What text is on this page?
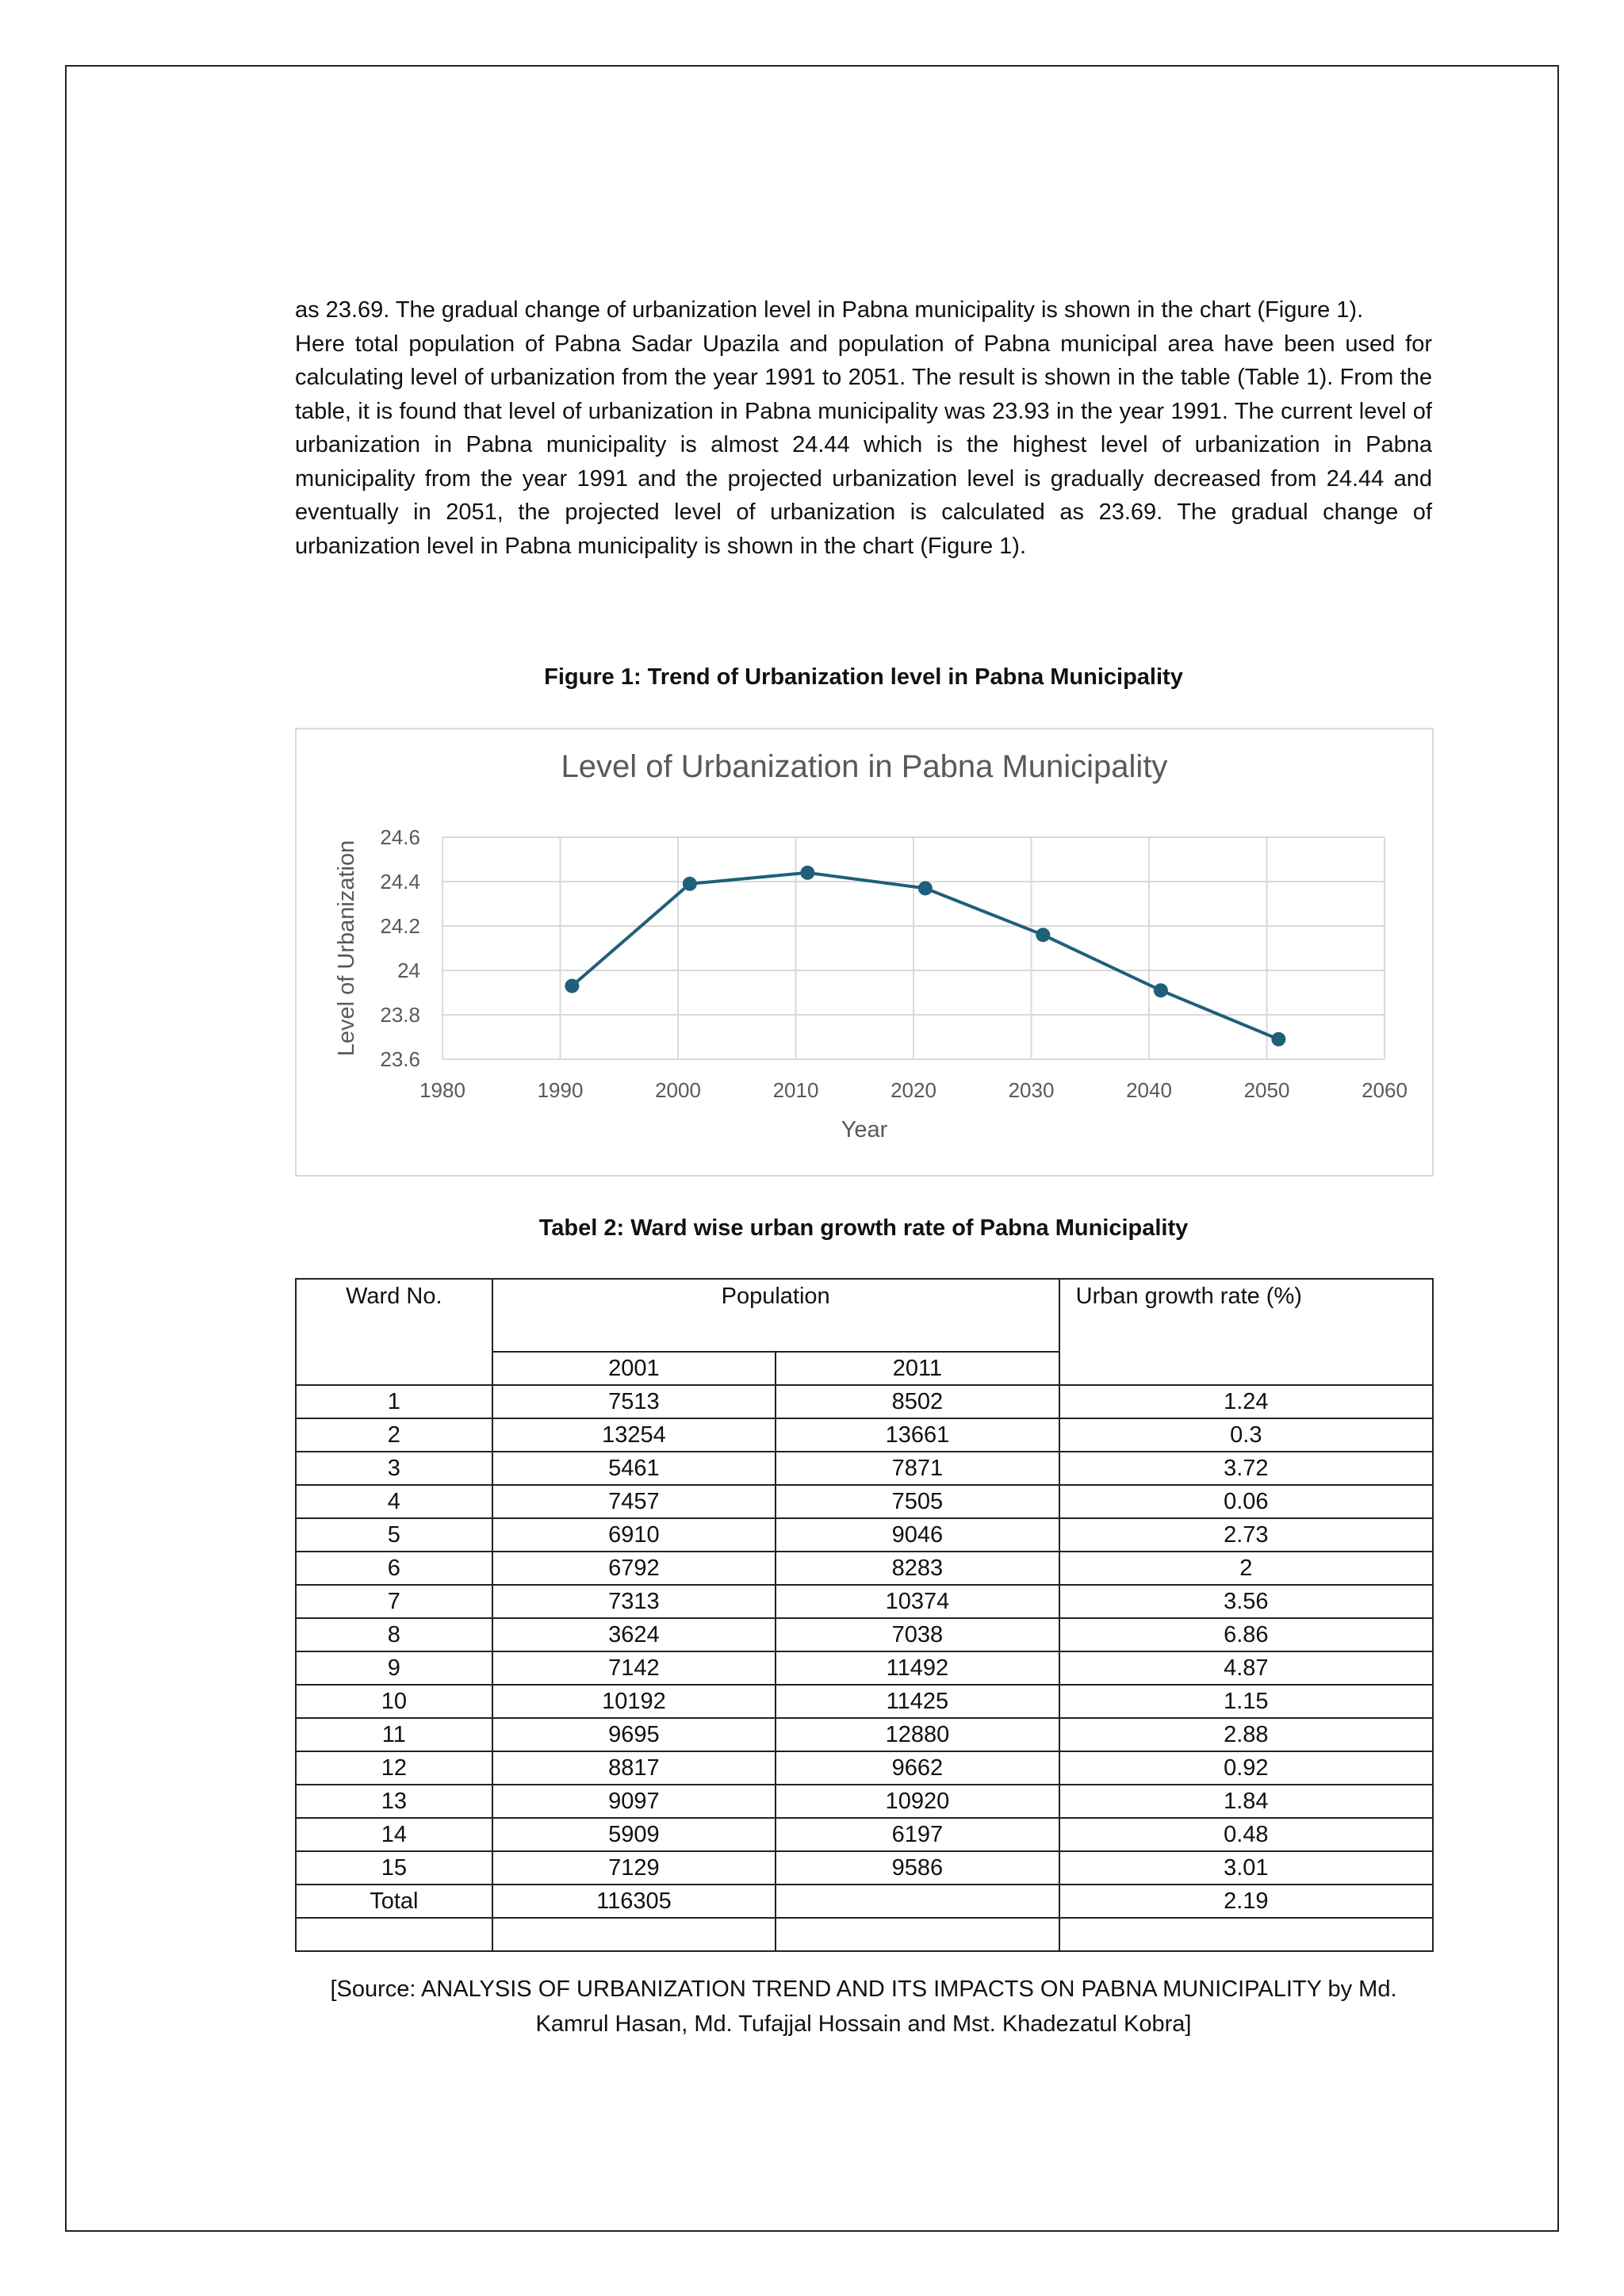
as 23.69. The gradual change of urbanization level in Pabna municipality is shown in the chart (Figure 1).

Here total population of Pabna Sadar Upazila and population of Pabna municipal area have been used for calculating level of urbanization from the year 1991 to 2051. The result is shown in the table (Table 1). From the table, it is found that level of urbanization in Pabna municipality was 23.93 in the year 1991. The current level of urbanization in Pabna municipality is almost 24.44 which is the highest level of urbanization in Pabna municipality from the year 1991 and the projected urbanization level is gradually decreased from 24.44 and eventually in 2051, the projected level of urbanization is calculated as 23.69. The gradual change of urbanization level in Pabna municipality is shown in the chart (Figure 1).

Figure 1: Trend of Urbanization level in Pabna Municipality
Level of Urbanization in Pabna Municipality
1980	1990	2000	2010	2020	2030	2040	2050	2060
23.6
23.8
24
24.2
24.4
24.6
Year
Level of Urbanization
Tabel 2: Ward wise urban growth rate of Pabna Municipality
Ward No.	Population		Urban growth rate (%)
	2001	2011	
1	7513	8502	1.24
2	13254	13661	0.3
3	5461	7871	3.72
4	7457	7505	0.06
5	6910	9046	2.73
6	6792	8283	2
7	7313	10374	3.56
8	3624	7038	6.86
9	7142	11492	4.87
10	10192	11425	1.15
11	9695	12880	2.88
12	8817	9662	0.92
13	9097	10920	1.84
14	5909	6197	0.48
15	7129	9586	3.01
Total	116305		2.19

[Source: ANALYSIS OF URBANIZATION TREND AND ITS IMPACTS ON PABNA MUNICIPALITY by Md. Kamrul Hasan, Md. Tufajjal Hossain and Mst. Khadezatul Kobra]
